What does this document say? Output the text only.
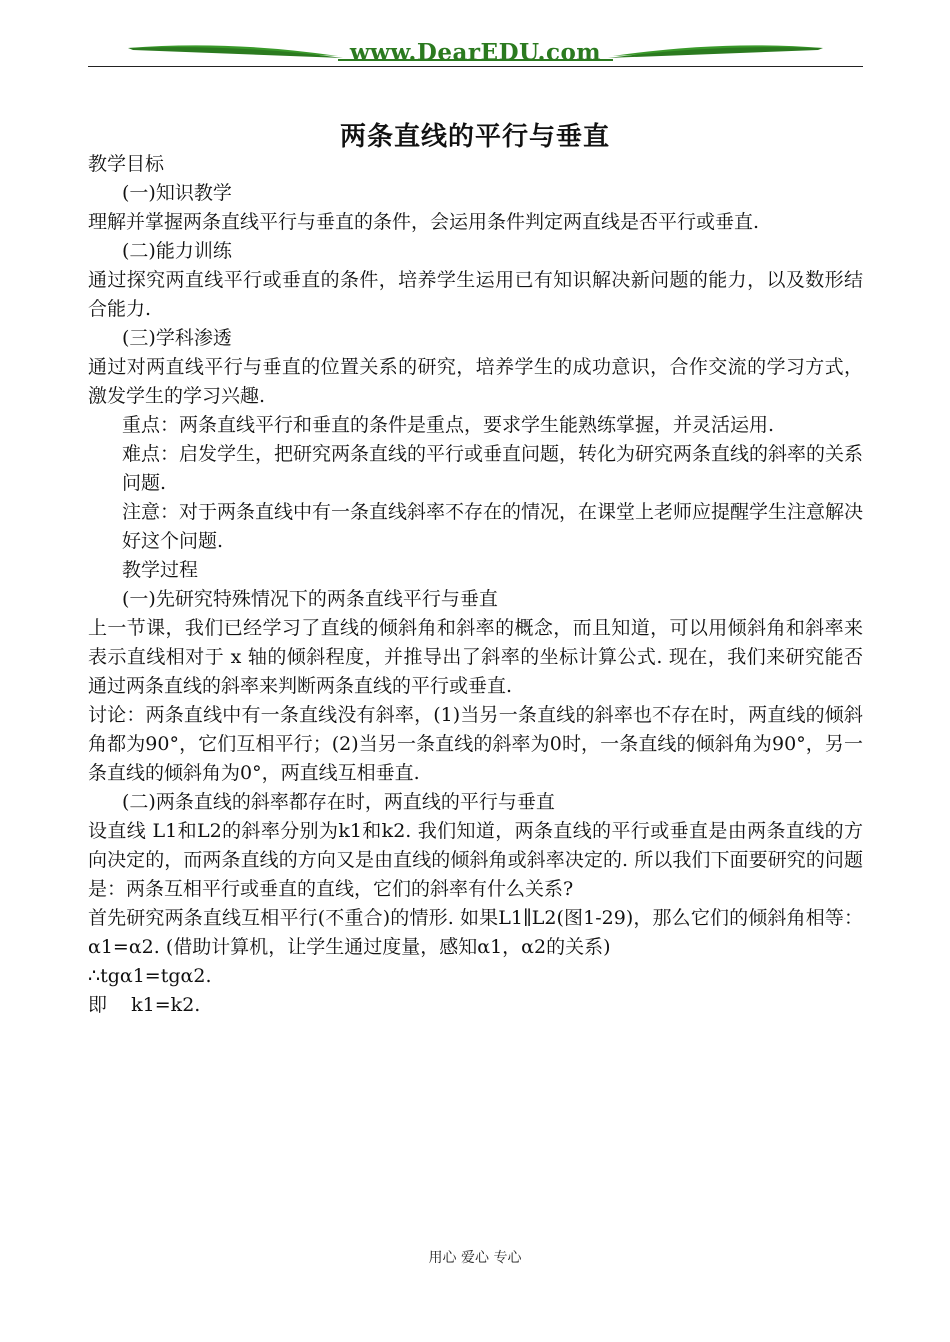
www.DearEDU.com
两条直线的平行与垂直

教学目标

(一)知识教学

理解并掌握两条直线平行与垂直的条件，会运用条件判定两直线是否平行或垂直.

(二)能力训练

通过探究两直线平行或垂直的条件，培养学生运用已有知识解决新问题的能力，以及数形结合能力.

(三)学科渗透

通过对两直线平行与垂直的位置关系的研究，培养学生的成功意识，合作交流的学习方式，激发学生的学习兴趣.

重点：两条直线平行和垂直的条件是重点，要求学生能熟练掌握，并灵活运用.

难点：启发学生，把研究两条直线的平行或垂直问题，转化为研究两条直线的斜率的关系问题.

注意：对于两条直线中有一条直线斜率不存在的情况，在课堂上老师应提醒学生注意解决好这个问题.

教学过程

(一)先研究特殊情况下的两条直线平行与垂直

上一节课，我们已经学习了直线的倾斜角和斜率的概念，而且知道，可以用倾斜角和斜率来表示直线相对于 x 轴的倾斜程度，并推导出了斜率的坐标计算公式. 现在，我们来研究能否通过两条直线的斜率来判断两条直线的平行或垂直.

讨论：两条直线中有一条直线没有斜率，(1)当另一条直线的斜率也不存在时，两直线的倾斜角都为90°，它们互相平行；(2)当另一条直线的斜率为0时，一条直线的倾斜角为90°，另一条直线的倾斜角为0°，两直线互相垂直.

(二)两条直线的斜率都存在时，两直线的平行与垂直

设直线 L1和L2的斜率分别为k1和k2. 我们知道，两条直线的平行或垂直是由两条直线的方向决定的，而两条直线的方向又是由直线的倾斜角或斜率决定的. 所以我们下面要研究的问题是：两条互相平行或垂直的直线，它们的斜率有什么关系?

首先研究两条直线互相平行(不重合)的情形. 如果L1∥L2(图1-29)，那么它们的倾斜角相等：α1=α2. (借助计算机，让学生通过度量，感知α1，α2的关系)

∴tgα1=tgα2.

即    k1=k2.

用心 爱心 专心
